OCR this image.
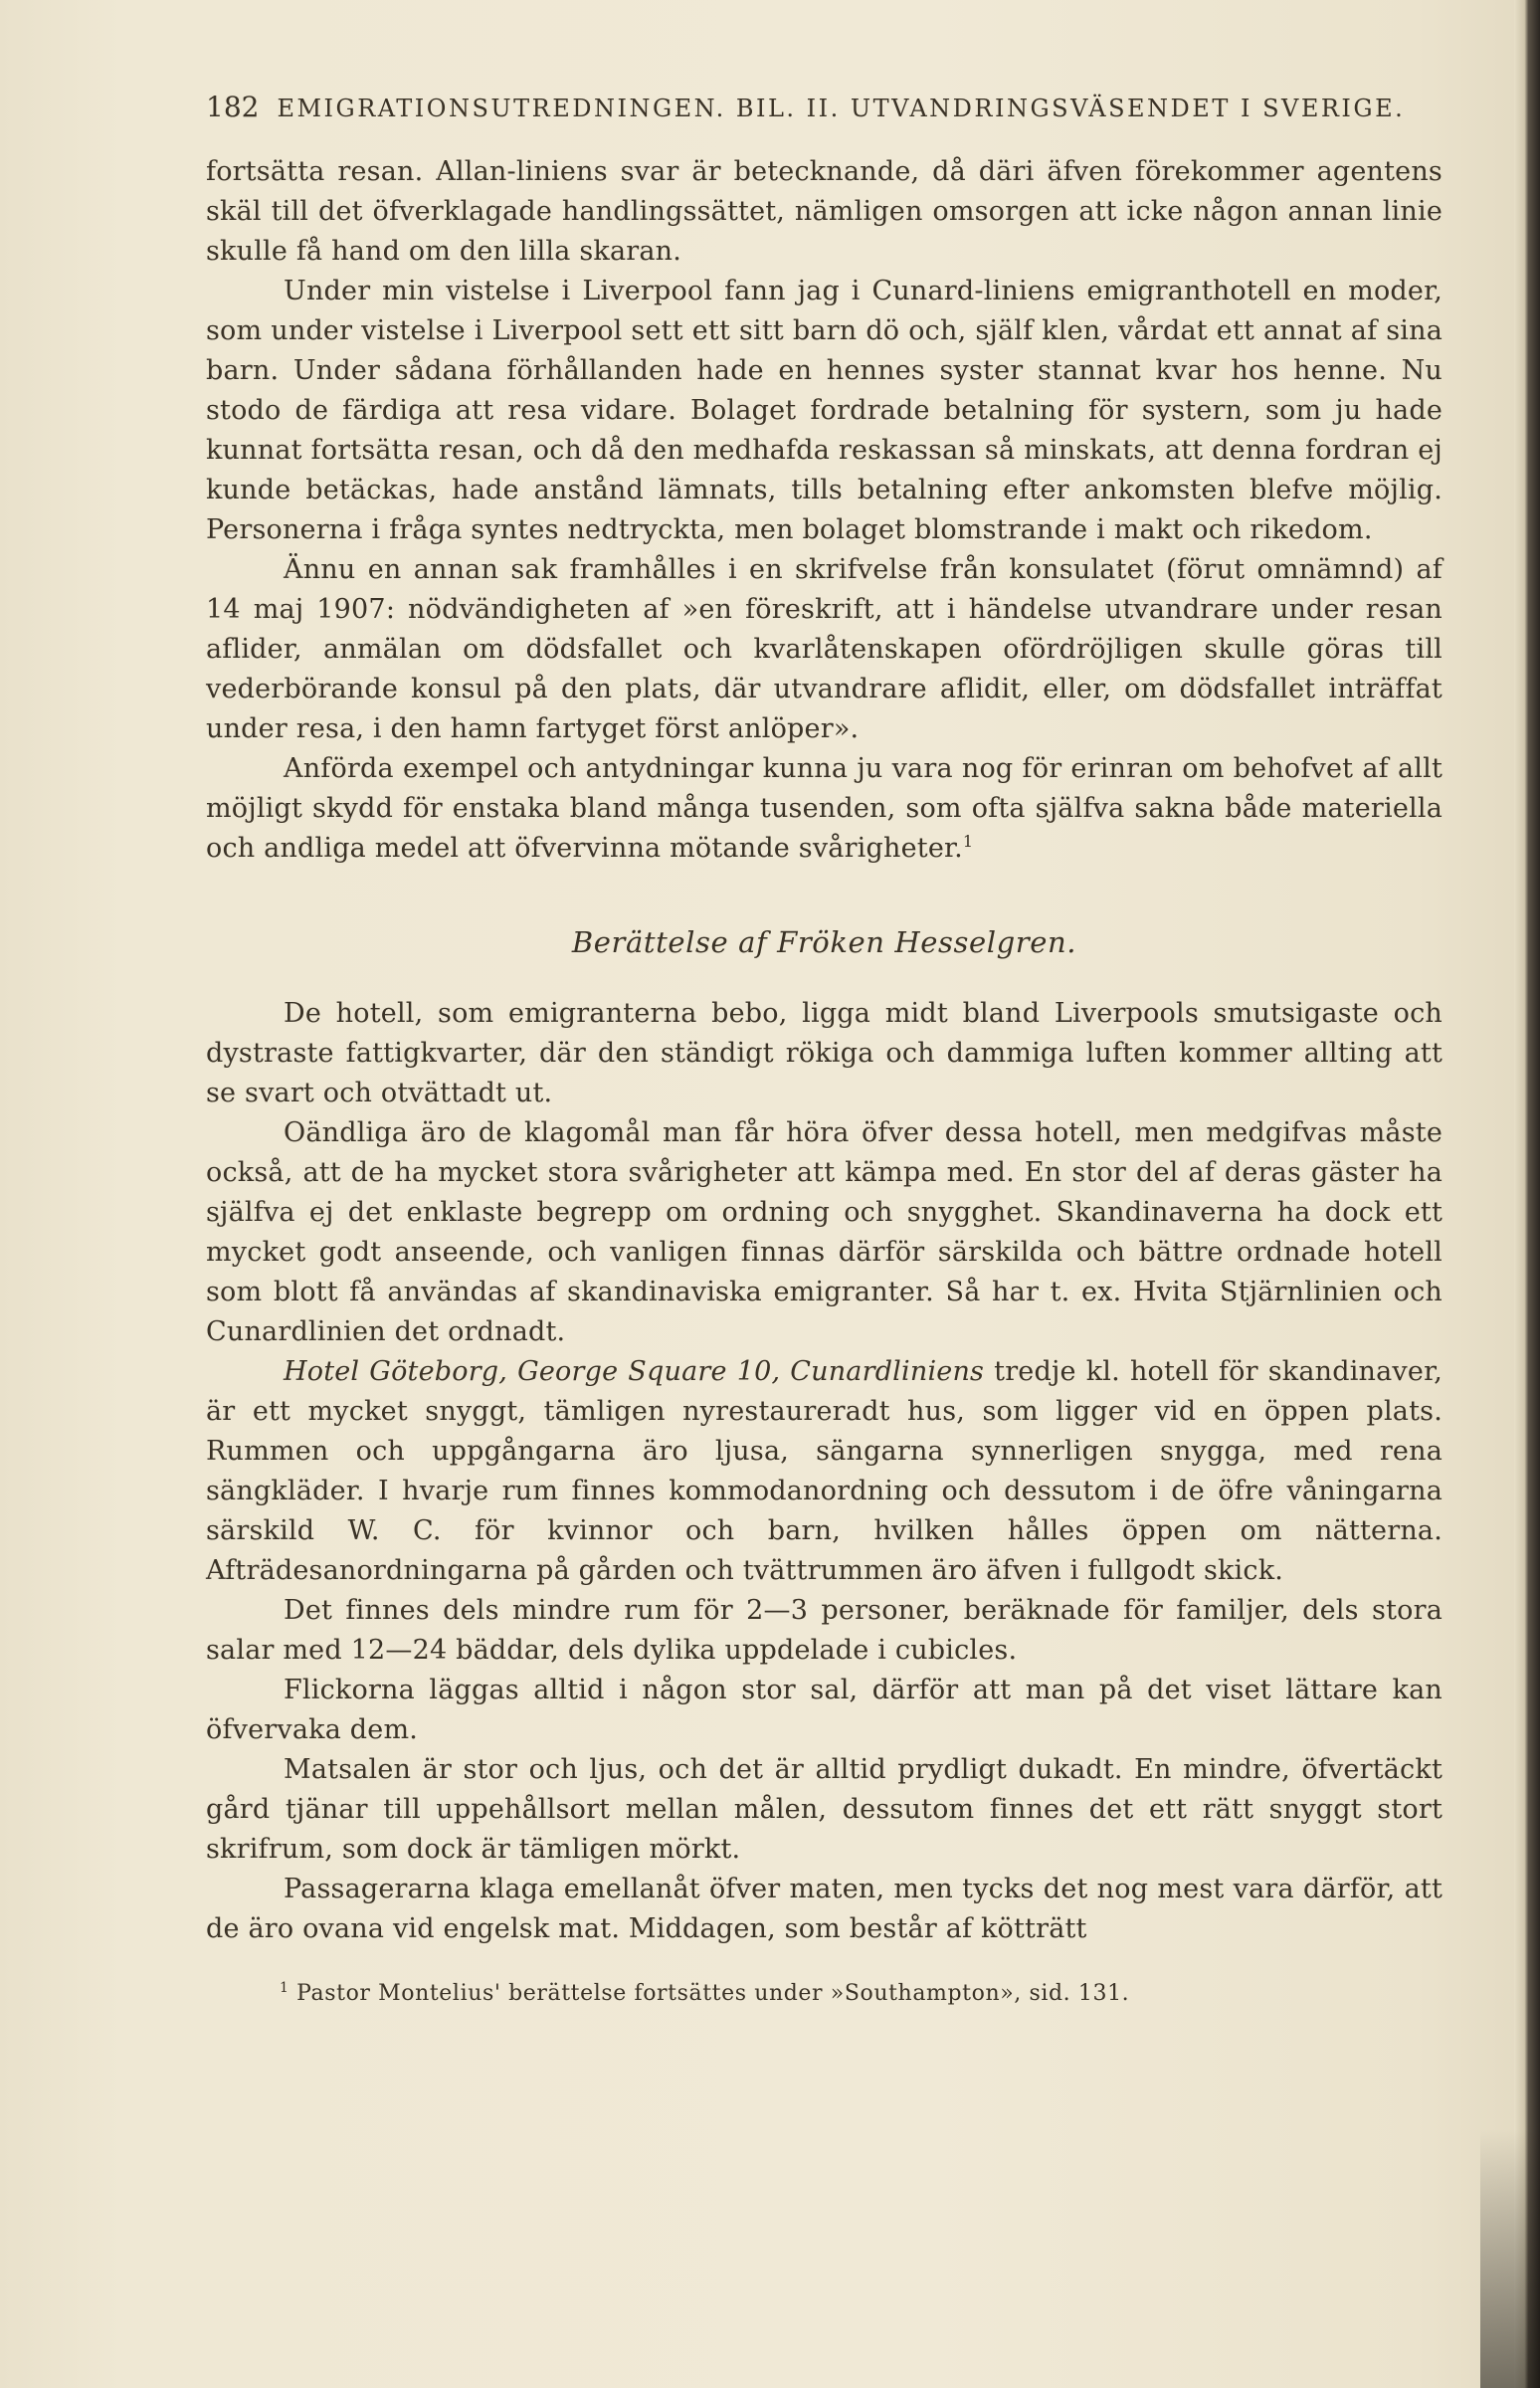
182 EMIGRATIONSUTREDNINGEN. BIL. II. UTVANDRINGSVÄSENDET I SVERIGE.

fortsätta resan. Allan-liniens svar är betecknande, då däri äfven förekommer agentens skäl till det öfverklagade handlingssättet, nämligen omsorgen att icke någon annan linie skulle få hand om den lilla skaran.

Under min vistelse i Liverpool fann jag i Cunard-liniens emigranthotell en moder, som under vistelse i Liverpool sett ett sitt barn dö och, själf klen, vårdat ett annat af sina barn. Under sådana förhållanden hade en hennes syster stannat kvar hos henne. Nu stodo de färdiga att resa vidare. Bolaget fordrade betalning för systern, som ju hade kunnat fortsätta resan, och då den medhafda reskassan så minskats, att denna fordran ej kunde betäckas, hade anstånd lämnats, tills betalning efter ankomsten blefve möjlig. Personerna i fråga syntes nedtryckta, men bolaget blomstrande i makt och rikedom.

Ännu en annan sak framhålles i en skrifvelse från konsulatet (förut omnämnd) af 14 maj 1907: nödvändigheten af »en föreskrift, att i händelse utvandrare under resan aflider, anmälan om dödsfallet och kvarlåtenskapen ofördröjligen skulle göras till vederbörande konsul på den plats, där utvandrare aflidit, eller, om dödsfallet inträffat under resa, i den hamn fartyget först anlöper».

Anförda exempel och antydningar kunna ju vara nog för erinran om behofvet af allt möjligt skydd för enstaka bland många tusenden, som ofta själfva sakna både materiella och andliga medel att öfvervinna mötande svårigheter.$^1$

Berättelse af Fröken Hesselgren.

De hotell, som emigranterna bebo, ligga midt bland Liverpools smutsigaste och dystraste fattigkvarter, där den ständigt rökiga och dammiga luften kommer allting att se svart och otvättadt ut.

Oändliga äro de klagomål man får höra öfver dessa hotell, men medgifvas måste också, att de ha mycket stora svårigheter att kämpa med. En stor del af deras gäster ha själfva ej det enklaste begrepp om ordning och snygghet. Skandinaverna ha dock ett mycket godt anseende, och vanligen finnas därför särskilda och bättre ordnade hotell som blott få användas af skandinaviska emigranter. Så har t. ex. Hvita Stjärnlinien och Cunardlinien det ordnadt.

Hotel Göteborg, George Square 10, Cunardliniens tredje kl. hotell för skandinaver, är ett mycket snyggt, tämligen nyrestaureradt hus, som ligger vid en öppen plats. Rummen och uppgångarna äro ljusa, sängarna synnerligen snygga, med rena sängkläder. I hvarje rum finnes kommodanordning och dessutom i de öfre våningarna särskild W. C. för kvinnor och barn, hvilken hålles öppen om nätterna. Afträdesanordningarna på gården och tvättrummen äro äfven i fullgodt skick.

Det finnes dels mindre rum för 2—3 personer, beräknade för familjer, dels stora salar med 12—24 bäddar, dels dylika uppdelade i cubicles.

Flickorna läggas alltid i någon stor sal, därför att man på det viset lättare kan öfvervaka dem.

Matsalen är stor och ljus, och det är alltid prydligt dukadt. En mindre, öfvertäckt gård tjänar till uppehållsort mellan målen, dessutom finnes det ett rätt snyggt stort skrifrum, som dock är tämligen mörkt.

Passagerarna klaga emellanåt öfver maten, men tycks det nog mest vara därför, att de äro ovana vid engelsk mat. Middagen, som består af kötträtt

$^1$ Pastor Montelius' berättelse fortsättes under »Southampton», sid. 131.
